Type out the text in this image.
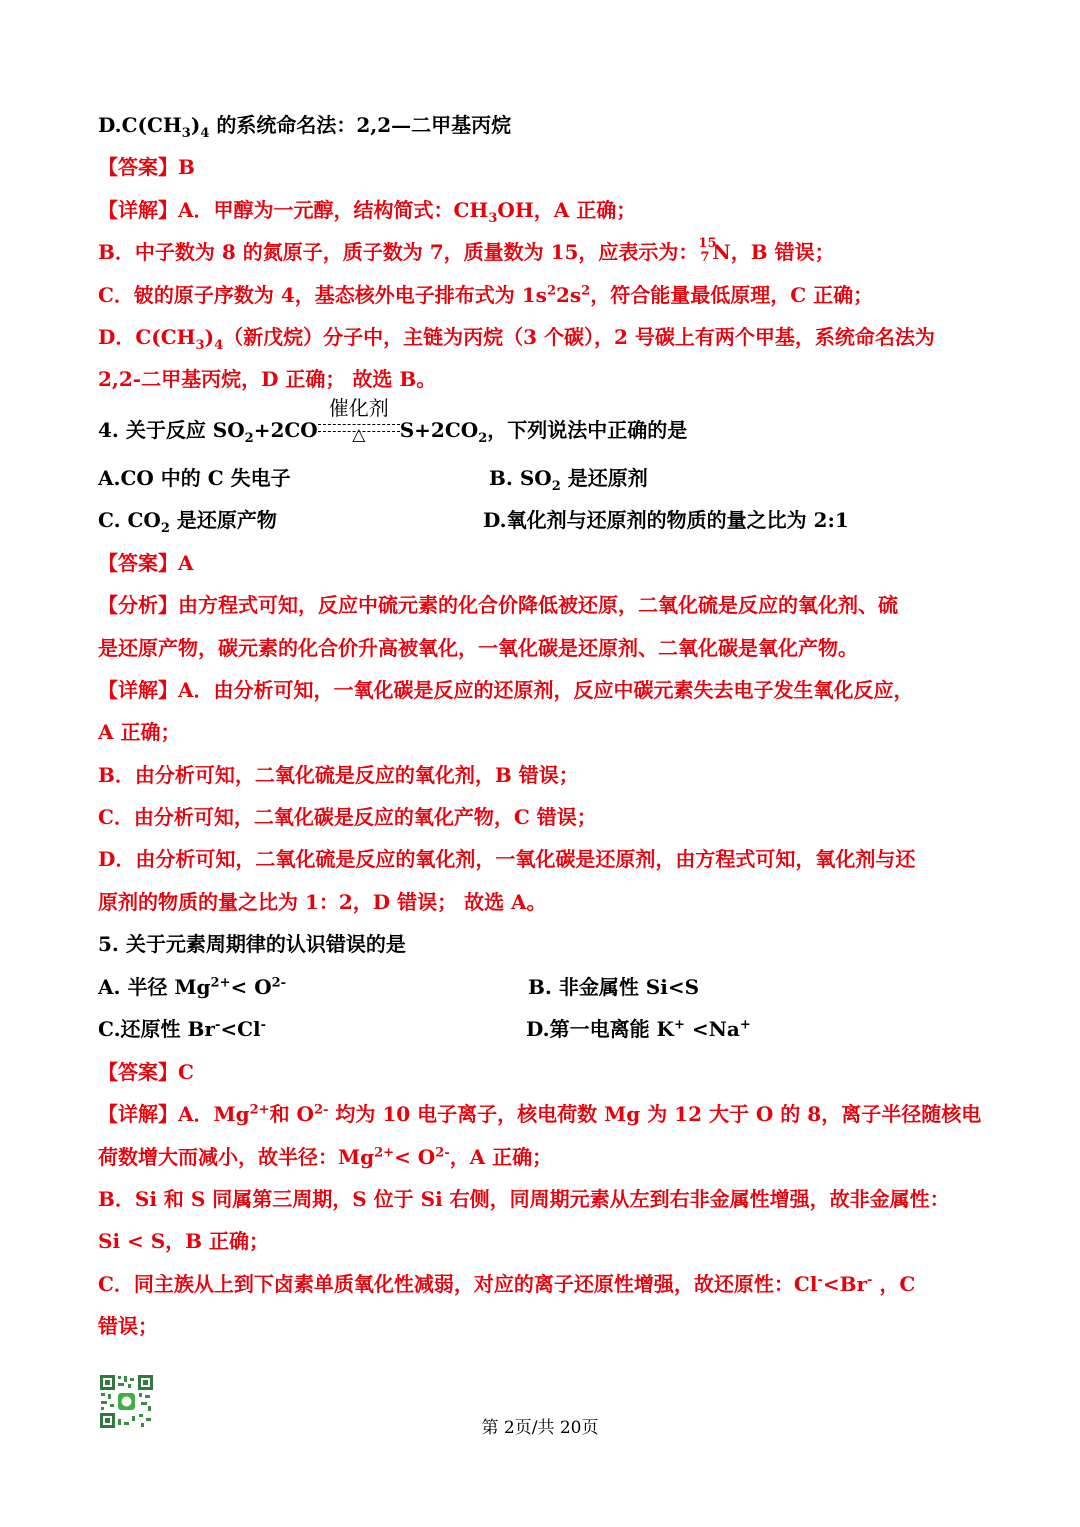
$D.C(CH_3)_4$ 的系统命名法：2,2—二甲基丙烷
【答案】B
【详解】A．甲醇为一元醇，结构简式：$CH_3OH$，A 正确；
B．中子数为 8 的氮原子，质子数为 7，质量数为 15，应表示为： 15
7 N，B 错误；
C．铍的原子序数为 4，基态核外电子排布式为 $1s^22s^2$，符合能量最低原理，C 正确；
D．$C(CH_3)_4$（新戊烷）分子中，主链为丙烷（3 个碳），2 号碳上有两个甲基，系统命名法为
2,2-二甲基丙烷，D 正确； 故选 B。
4. 关于反应 $SO_2+2CO$
催化剂
△	$S+2CO_2$，下列说法中正确的是
A.CO 中的 C 失电子	B. $SO_2$ 是还原剂
C. $CO_2$ 是还原产物	D.氧化剂与还原剂的物质的量之比为 2:1
【答案】A
【分析】由方程式可知，反应中硫元素的化合价降低被还原，二氧化硫是反应的氧化剂、硫
是还原产物，碳元素的化合价升高被氧化，一氧化碳是还原剂、二氧化碳是氧化产物。
【详解】A．由分析可知，一氧化碳是反应的还原剂，反应中碳元素失去电子发生氧化反应，
A 正确；
B．由分析可知，二氧化硫是反应的氧化剂，B 错误；
C．由分析可知，二氧化碳是反应的氧化产物，C 错误；
D．由分析可知，二氧化硫是反应的氧化剂，一氧化碳是还原剂，由方程式可知，氧化剂与还
原剂的物质的量之比为 1：2，D 错误； 故选 A。
5. 关于元素周期律的认识错误的是
A. 半径 $Mg^{2+}< O^{2-}$	B. 非金属性 Si<S
C.还原性 Br-<Cl-	D.第一电离能 K+ <Na+
【答案】C
【详解】A．$Mg^{2+}$和 $O^{2-}$ 均为 10 电子离子，核电荷数 Mg 为 12 大于 O 的 8，离子半径随核电
荷数增大而减小，故半径：$Mg^{2+}< O^{2-}$，A 正确；
B．Si 和 S 同属第三周期，S 位于 Si 右侧，同周期元素从左到右非金属性增强，故非金属性：
Si < S，B 正确；
C．同主族从上到下卤素单质氧化性减弱，对应的离子还原性增强，故还原性：Cl-<Br- ，C
错误；
第 2页/共 20页
